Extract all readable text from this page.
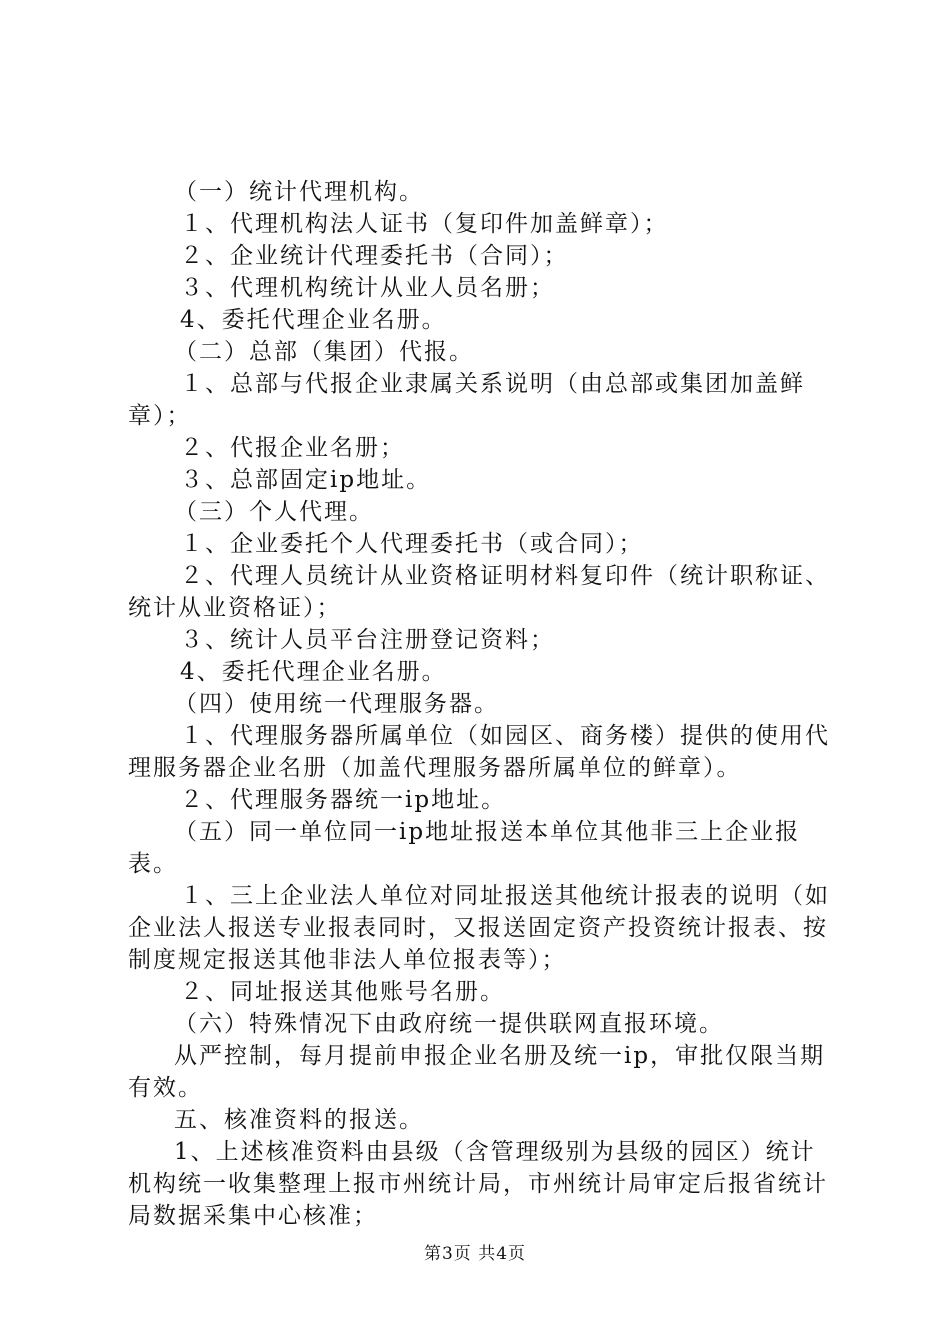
（一）统计代理机构。

１、代理机构法人证书（复印件加盖鲜章）；

２、企业统计代理委托书（合同）；

３、代理机构统计从业人员名册；

4、委托代理企业名册。

（二）总部（集团）代报。

１、总部与代报企业隶属关系说明（由总部或集团加盖鲜章）；

２、代报企业名册；

３、总部固定ip地址。

（三）个人代理。

１、企业委托个人代理委托书（或合同）；

２、代理人员统计从业资格证明材料复印件（统计职称证、统计从业资格证）；

３、统计人员平台注册登记资料；

4、委托代理企业名册。

（四）使用统一代理服务器。

１、代理服务器所属单位（如园区、商务楼）提供的使用代理服务器企业名册（加盖代理服务器所属单位的鲜章）。

２、代理服务器统一ip地址。

（五）同一单位同一ip地址报送本单位其他非三上企业报表。

１、三上企业法人单位对同址报送其他统计报表的说明（如企业法人报送专业报表同时，又报送固定资产投资统计报表、按制度规定报送其他非法人单位报表等）；

２、同址报送其他账号名册。

（六）特殊情况下由政府统一提供联网直报环境。

从严控制，每月提前申报企业名册及统一ip，审批仅限当期有效。

五、核准资料的报送。

1、上述核准资料由县级（含管理级别为县级的园区）统计机构统一收集整理上报市州统计局，市州统计局审定后报省统计局数据采集中心核准；

第3页 共4页
